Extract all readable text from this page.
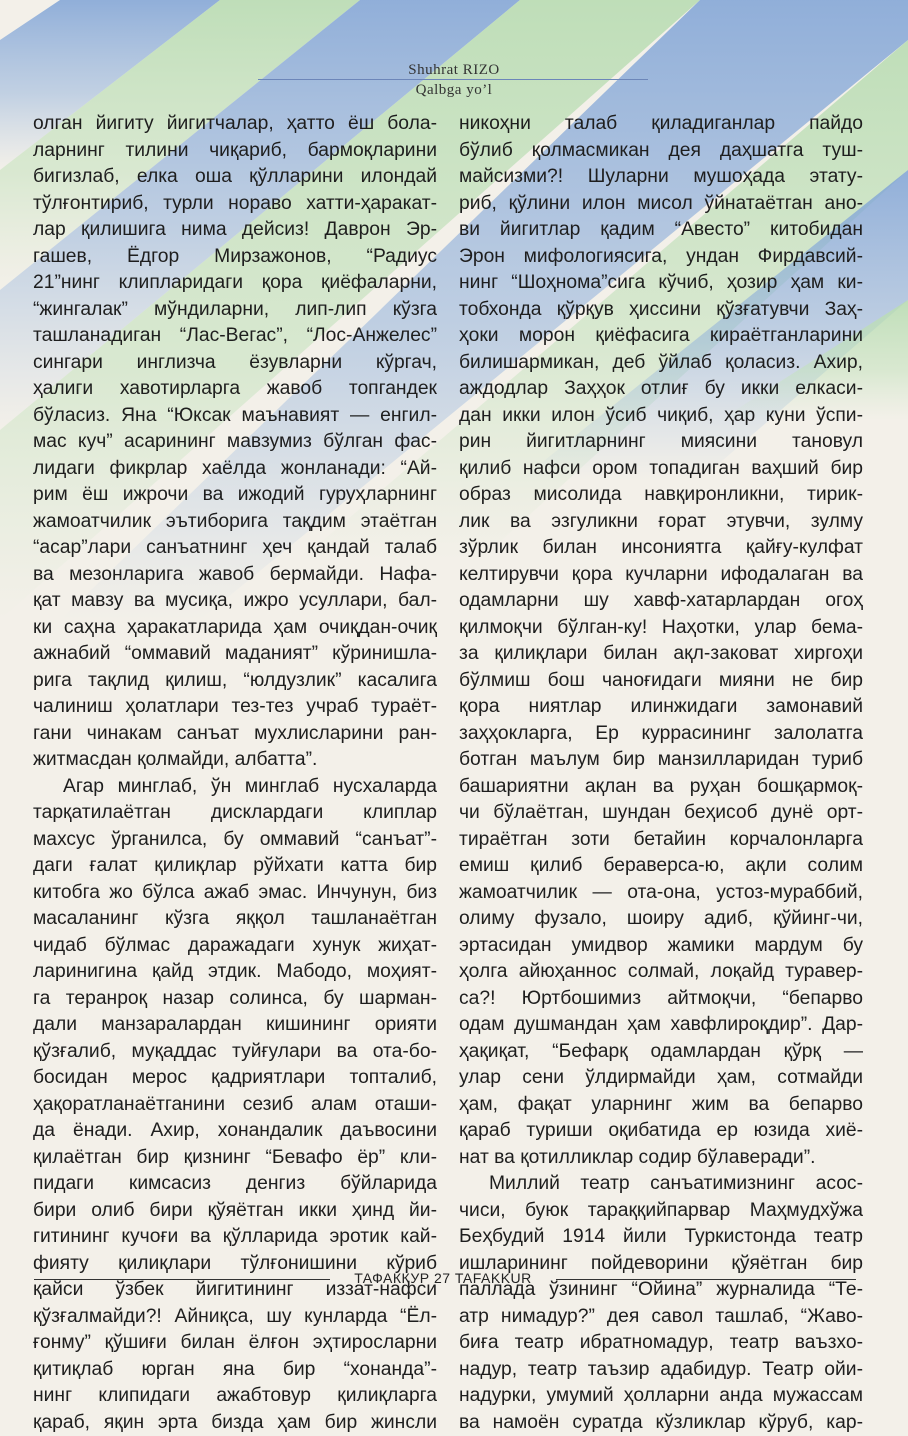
Shuhrat RIZO
Qalbga yo’l
олган йигиту йигитчалар, ҳатто ёш бола-
ларнинг тилини чиқариб, бармоқларини
бигизлаб, елка оша қўлларини илондай
тўлғонтириб, турли нораво хатти-ҳаракат-
лар қилишига нима дейсиз! Даврон Эр-
гашев, Ёдгор Мирзажонов, “Радиус
21”нинг клипларидаги қора қиёфаларни,
“жингалак” мўндиларни, лип-лип кўзга
ташланадиган “Лас-Вегас”, “Лос-Анжелес”
сингари инглизча ёзувларни кўргач,
ҳалиги хавотирларга жавоб топгандек
бўласиз. Яна “Юксак маънавият — енгил-
мас куч” асарининг мавзумиз бўлган фас-
лидаги фикрлар хаёлда жонланади: “Ай-
рим ёш ижрочи ва ижодий гуруҳларнинг
жамоатчилик эътиборига тақдим этаётган
“асар”лари санъатнинг ҳеч қандай талаб
ва мезонларига жавоб бермайди. Нафа-
қат мавзу ва мусиқа, ижро усуллари, бал-
ки саҳна ҳаракатларида ҳам очиқдан-очиқ
ажнабий “оммавий маданият” кўринишла-
рига тақлид қилиш, “юлдузлик” касалига
чалиниш ҳолатлари тез-тез учраб турaёт-
гани чинакам санъат мухлисларини ран-
житмасдан қолмайди, албатта”.
Агар минглаб, ўн минглаб нусхаларда
тарқатилаётган дисклардаги клиплар
махсус ўрганилса, бу оммавий “санъат”-
даги ғалат қилиқлар рўйхати катта бир
китобга жо бўлса ажаб эмас. Инчунун, биз
масаланинг кўзга яққол ташланаётган
чидаб бўлмас даражадаги хунук жиҳат-
ларинигина қайд этдик. Мабодо, моҳият-
га теранроқ назар солинса, бу шарман-
дали манзаралардан кишининг орияти
қўзғалиб, муқаддас туйғулари ва ота-бо-
босидан мерос қадриятлари топталиб,
ҳақоратланаётганини сезиб алам оташи-
да ёнади. Ахир, хонандалик даъвосини
қилаётган бир қизнинг “Бевафо ёр” кли-
пидаги кимсасиз денгиз бўйларида
бири олиб бири қўяётган икки ҳинд йи-
гитининг кучоғи ва қўлларида эротик кай-
фияту қилиқлари тўлғонишини кўриб
қайси ўзбек йигитининг иззат-нафси
қўзғалмайди?! Айниқса, шу кунларда “Ёл-
ғонму” қўшиғи билан ёлғон эҳтиросларни
қитиқлаб юрган яна бир “хонанда”-
нинг клипидаги ажабтовур қилиқларга
қараб, яқин эрта бизда ҳам бир жинсли
никоҳни талаб қиладиганлар пайдо
бўлиб қолмасмикан дея даҳшатга туш-
майсизми?! Шуларни мушоҳада этату-
риб, қўлини илон мисол ўйнатаётган ано-
ви йигитлар қадим “Авесто” китобидан
Эрон мифологиясига, ундан Фирдавсий-
нинг “Шоҳнома”сига кўчиб, ҳозир ҳам ки-
тобхонда қўрқув ҳиссини қўзғатувчи Заҳ-
ҳоки морон қиёфасига кираётганларини
билишармикан, деб ўйлаб қоласиз. Ахир,
аждодлар Заҳҳок отлиғ бу икки елкаси-
дан икки илон ўсиб чиқиб, ҳар куни ўспи-
рин йигитларнинг миясини тановул
қилиб нафси ором топадиган ваҳший бир
образ мисолида навқиронликни, тирик-
лик ва эзгуликни ғорат этувчи, зулму
зўрлик билан инсониятга қайғу-кулфат
келтирувчи қора кучларни ифодалаган ва
одамларни шу хавф-хатарлардан огоҳ
қилмоқчи бўлган-ку! Наҳотки, улар бема-
за қилиқлари билан ақл-заковат хиргоҳи
бўлмиш бош чаноғидаги мияни не бир
қора ниятлар илинжидаги замонавий
заҳҳокларга, Ер куррасининг залолатга
ботган маълум бир манзилларидан туриб
башариятни ақлан ва руҳан бошқармоқ-
чи бўлаётган, шундан беҳисоб дунё орт-
тираётган зоти бетайин корчалонларга
емиш қилиб бераверса-ю, ақли солим
жамоатчилик — ота-она, устоз-мураббий,
олиму фузало, шоиру адиб, қўйинг-чи,
эртасидан умидвор жамики мардум бу
ҳолга айюҳаннос солмай, лоқайд туравер-
са?! Юртбошимиз айтмоқчи, “бепарво
одам душмандан ҳам хавфлироқдир”. Дар-
ҳақиқат, “Бефарқ одамлардан қўрқ —
улар сени ўлдирмайди ҳам, сотмайди
ҳам, фақат уларнинг жим ва бепарво
қараб туриши оқибатида ер юзида хиё-
нат ва қотилликлар содир бўлаверади”.
Миллий театр санъатимизнинг асос-
чиси, буюк тараққийпарвар Маҳмудхўжа
Беҳбудий 1914 йили Туркистонда театр
ишларининг пойдеворини қўяётган бир
паллада ўзининг “Ойина” журналида “Те-
атр нимадур?” дея савол ташлаб, “Жаво-
биға театр ибратномадур, театр ваъзхо-
надур, театр таъзир адабидур. Театр ойи-
надурки, умумий ҳолларни анда мужассам
ва намоён суратда кўзликлар кўруб, кар-
ТАФАККУР 27 TAFAKKUR
